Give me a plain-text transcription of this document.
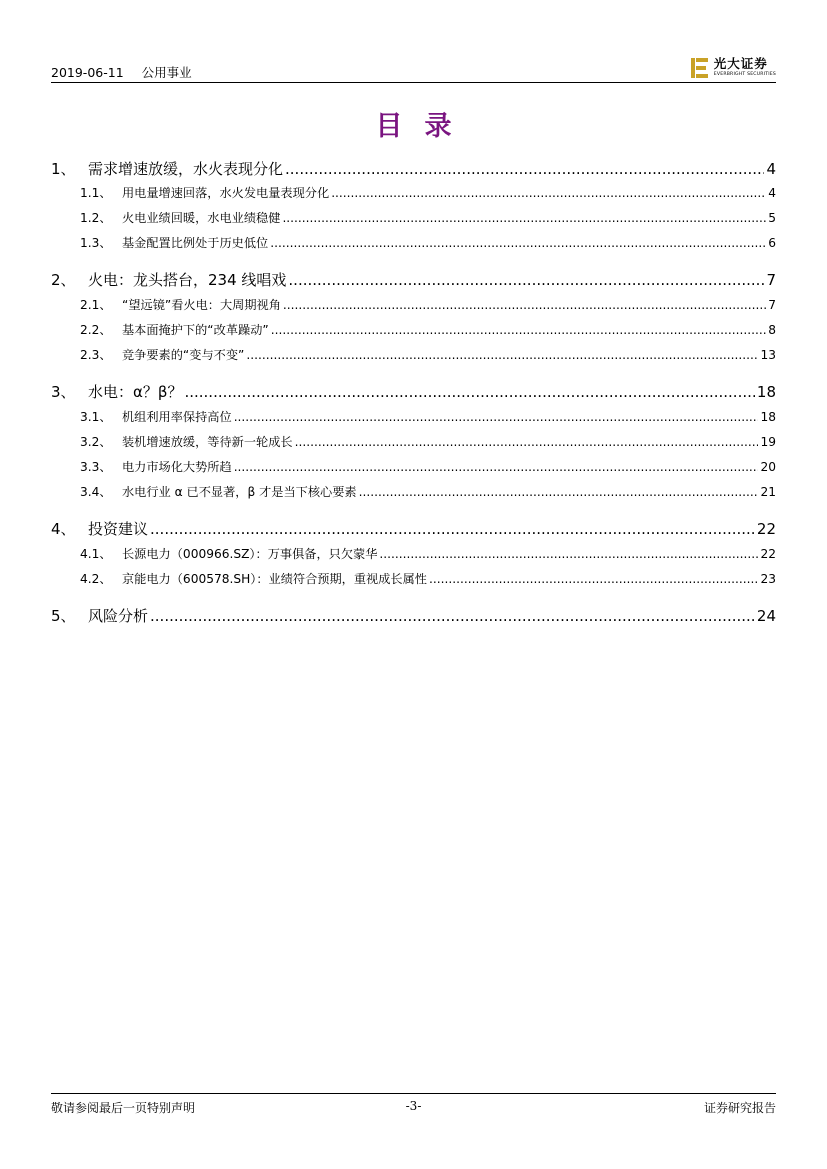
2019-06-11 公用事业
光大证券
EVERBRIGHT SECURITIES
目录
1、 需求增速放缓，水火表现分化 .....	4
1.1、 用电量增速回落，水火发电量表现分化 .....	4
1.2、 火电业绩回暖，水电业绩稳健 .....	5
1.3、 基金配置比例处于历史低位 .....	6
2、 火电：龙头搭台，234 线唱戏 .....	7
2.1、 “望远镜”看火电：大周期视角 .....	7
2.2、 基本面掩护下的“改革躁动” .....	8
2.3、 竞争要素的“变与不变” .....	13
3、 水电：α？β？ .....	18
3.1、 机组利用率保持高位 .....	18
3.2、 装机增速放缓，等待新一轮成长 .....	19
3.3、 电力市场化大势所趋 .....	20
3.4、 水电行业 α 已不显著，β 才是当下核心要素 .....	21
4、 投资建议 .....	22
4.1、 长源电力（000966.SZ）：万事俱备，只欠蒙华 .....	22
4.2、 京能电力（600578.SH）：业绩符合预期，重视成长属性 .....	23
5、 风险分析 .....	24
敬请参阅最后一页特别声明	-3-	证券研究报告
